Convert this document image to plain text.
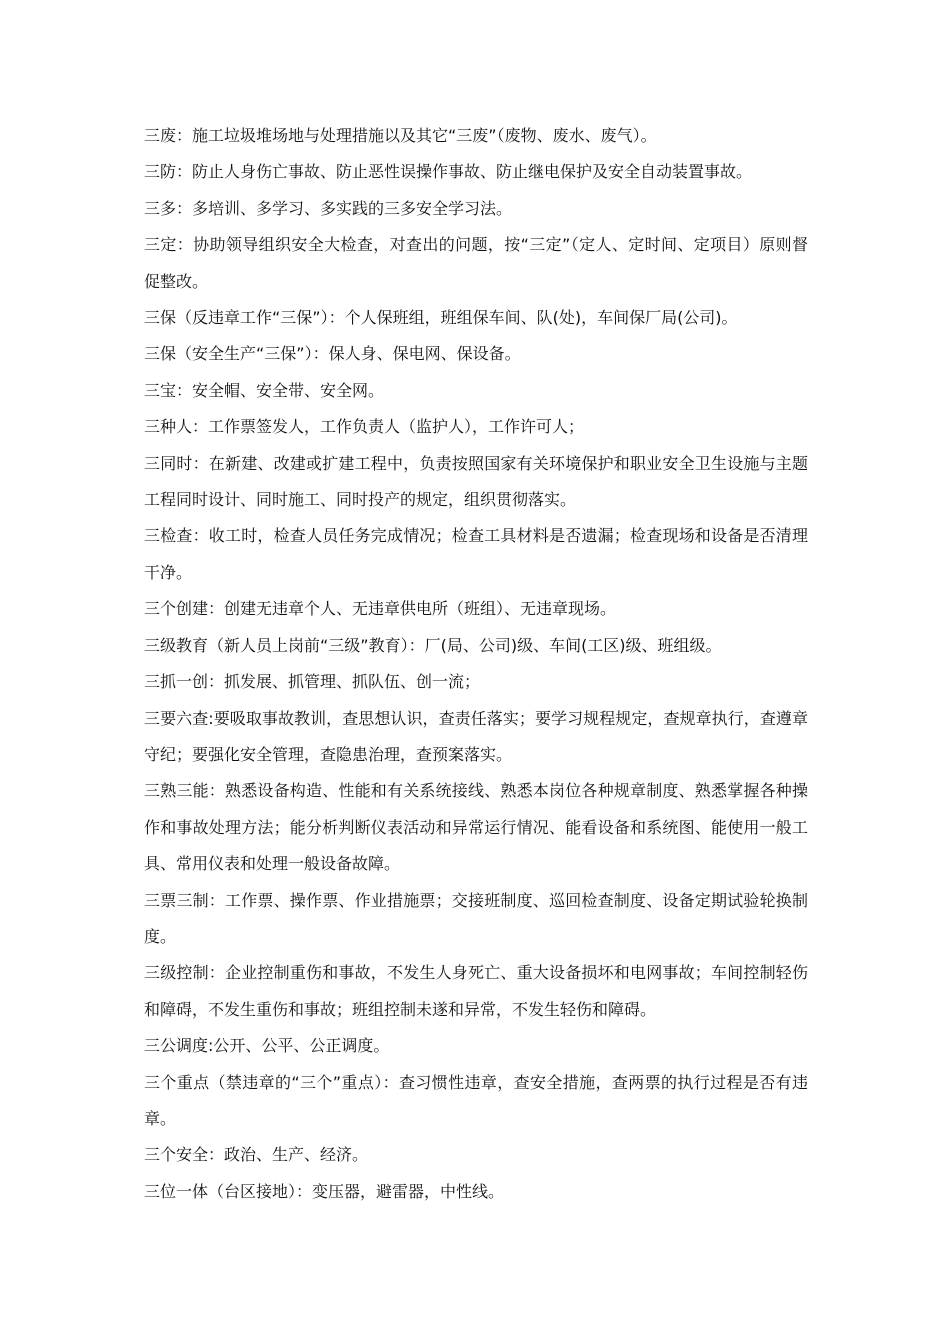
三废：施工垃圾堆场地与处理措施以及其它“三废”（废物、废水、废气）。

三防：防止人身伤亡事故、防止恶性误操作事故、防止继电保护及安全自动装置事故。

三多：多培训、多学习、多实践的三多安全学习法。

三定：协助领导组织安全大检查，对查出的问题，按“三定”（定人、定时间、定项目）原则督促整改。

三保（反违章工作“三保”）：个人保班组，班组保车间、队(处)，车间保厂局(公司)。

三保（安全生产“三保”）：保人身、保电网、保设备。

三宝：安全帽、安全带、安全网。

三种人：工作票签发人，工作负责人（监护人），工作许可人；

三同时：在新建、改建或扩建工程中，负责按照国家有关环境保护和职业安全卫生设施与主题工程同时设计、同时施工、同时投产的规定，组织贯彻落实。

三检查：收工时，检查人员任务完成情况；检查工具材料是否遗漏；检查现场和设备是否清理干净。

三个创建：创建无违章个人、无违章供电所（班组）、无违章现场。

三级教育（新人员上岗前“三级”教育）：厂(局、公司)级、车间(工区)级、班组级。

三抓一创：抓发展、抓管理、抓队伍、创一流；

三要六查:要吸取事故教训，查思想认识，查责任落实；要学习规程规定，查规章执行，查遵章守纪；要强化安全管理，查隐患治理，查预案落实。

三熟三能：熟悉设备构造、性能和有关系统接线、熟悉本岗位各种规章制度、熟悉掌握各种操作和事故处理方法；能分析判断仪表活动和异常运行情况、能看设备和系统图、能使用一般工具、常用仪表和处理一般设备故障。

三票三制：工作票、操作票、作业措施票；交接班制度、巡回检查制度、设备定期试验轮换制度。

三级控制：企业控制重伤和事故，不发生人身死亡、重大设备损坏和电网事故；车间控制轻伤和障碍，不发生重伤和事故；班组控制未遂和异常，不发生轻伤和障碍。

三公调度:公开、公平、公正调度。

三个重点（禁违章的“三个”重点）：查习惯性违章，查安全措施，查两票的执行过程是否有违章。

三个安全：政治、生产、经济。

三位一体（台区接地）：变压器，避雷器，中性线。
